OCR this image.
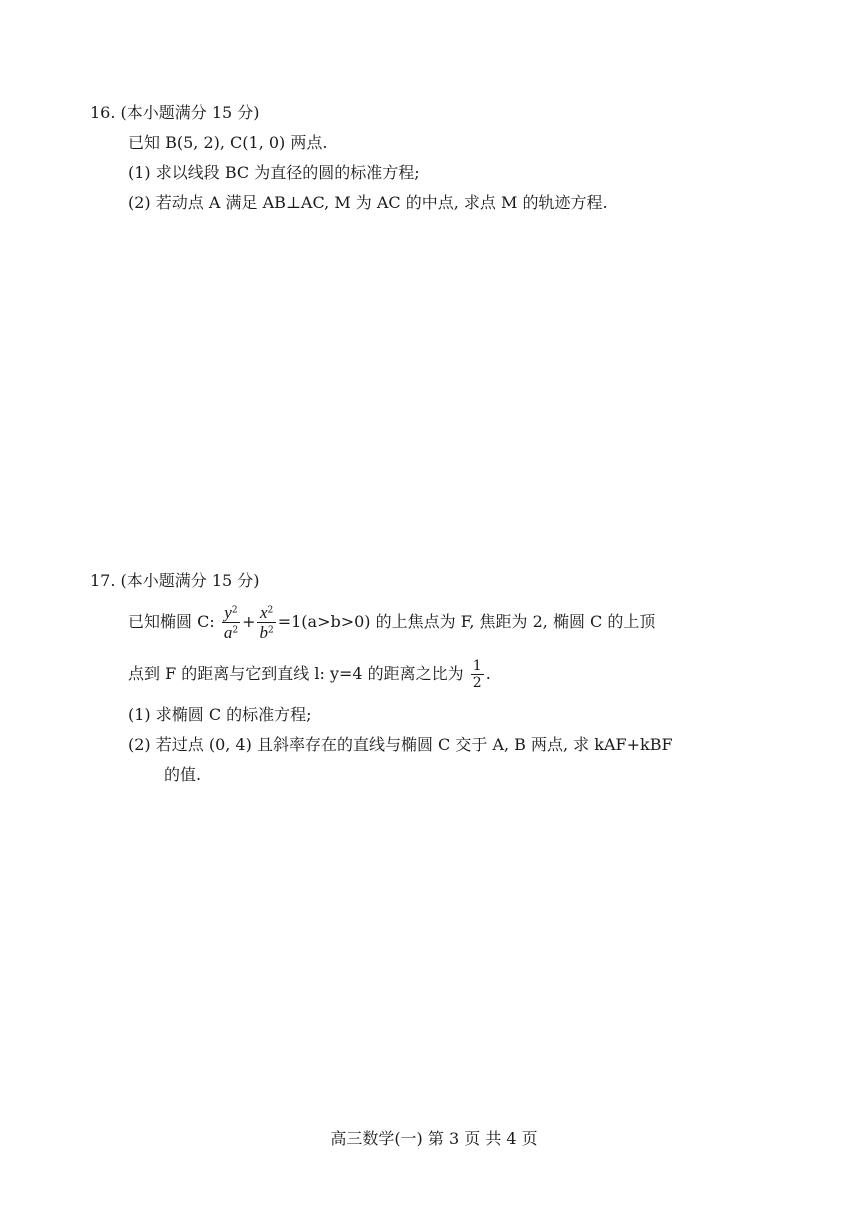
16. (本小题满分 15 分)
已知 B(5, 2), C(1, 0) 两点.
(1) 求以线段 BC 为直径的圆的标准方程;
(2) 若动点 A 满足 AB⊥AC, M 为 AC 的中点, 求点 M 的轨迹方程.
17. (本小题满分 15 分)
已知椭圆 C: $\frac{y^2}{a^2} + \frac{x^2}{b^2} =1(a>b>0)$ 的上焦点为 F, 焦距为 2, 椭圆 C 的上顶
点到 F 的距离与它到直线 l: y=4 的距离之比为 $\frac{1}{2}$ .
(1) 求椭圆 C 的标准方程;
(2) 若过点 (0, 4) 且斜率存在的直线与椭圆 C 交于 A, B 两点, 求 kAF+kBF
的值.
高三数学(一) 第 3 页 共 4 页
